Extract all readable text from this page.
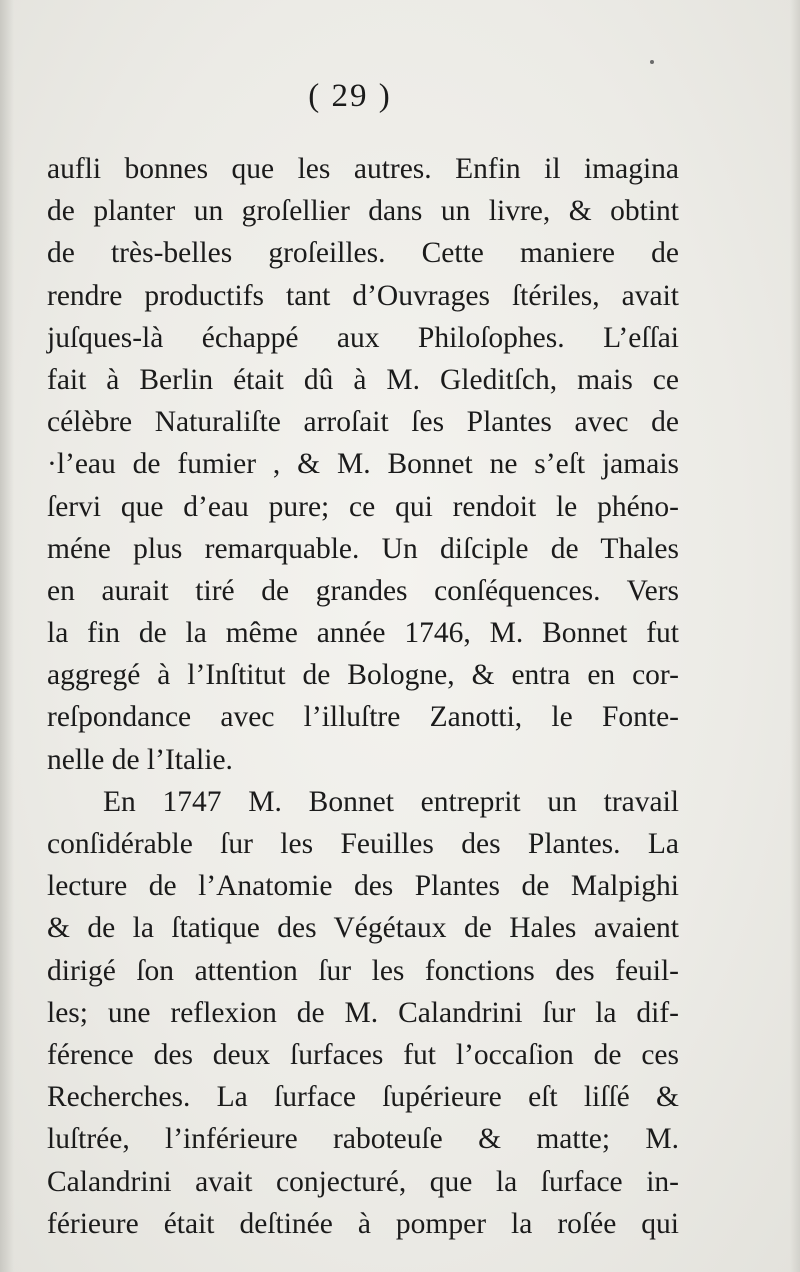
( 29 )
aufli bonnes que les autres. Enfin il imagina
de planter un groſellier dans un livre, & obtint
de très-belles groſeilles. Cette maniere de
rendre productifs tant d’Ouvrages ſtériles, avait
juſques-là échappé aux Philoſophes. L’eſſai
fait à Berlin était dû à M. Gleditſch, mais ce
célèbre Naturaliſte arroſait ſes Plantes avec de
·l’eau de fumier , & M. Bonnet ne s’eſt jamais
ſervi que d’eau pure; ce qui rendoit le phéno-
méne plus remarquable. Un diſciple de Thales
en aurait tiré de grandes conſéquences. Vers
la fin de la même année 1746, M. Bonnet fut
aggregé à l’Inſtitut de Bologne, & entra en cor-
reſpondance avec l’illuſtre Zanotti, le Fonte-
nelle de l’Italie.
En 1747 M. Bonnet entreprit un travail
conſidérable ſur les Feuilles des Plantes. La
lecture de l’Anatomie des Plantes de Malpighi
& de la ſtatique des Végétaux de Hales avaient
dirigé ſon attention ſur les fonctions des feuil-
les; une reflexion de M. Calandrini ſur la dif-
férence des deux ſurfaces fut l’occaſion de ces
Recherches. La ſurface ſupérieure eſt liſſé &
luſtrée, l’inférieure raboteuſe & matte; M.
Calandrini avait conjecturé, que la ſurface in-
férieure était deſtinée à pomper la roſée qui
